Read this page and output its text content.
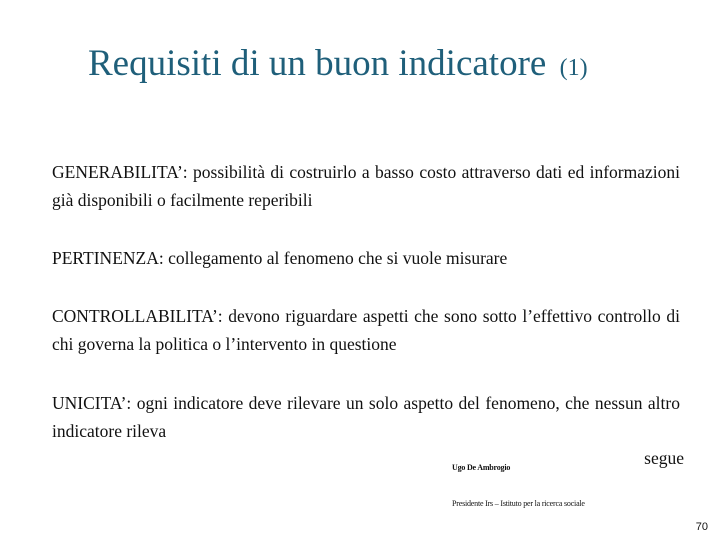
Requisiti di un buon indicatore (1)

GENERABILITA’: possibilità di costruirlo a basso costo attraverso dati ed informazioni già disponibili o facilmente reperibili

PERTINENZA: collegamento al fenomeno che si vuole misurare

CONTROLLABILITA’: devono riguardare aspetti che sono sotto l’effettivo controllo di chi governa la politica o l’intervento in questione

UNICITA’: ogni indicatore deve rilevare un solo aspetto del fenomeno, che nessun altro indicatore rileva

segue
Ugo De Ambrogio
Presidente Irs – Istituto per la ricerca sociale
70
